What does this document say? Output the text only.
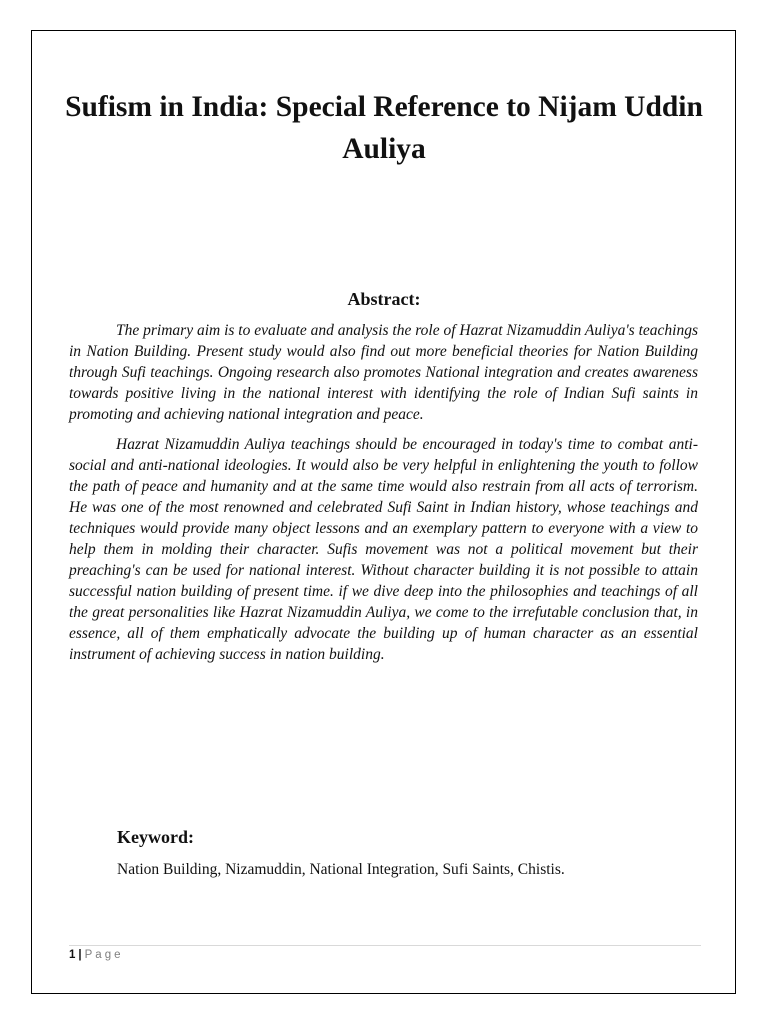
Sufism in India: Special Reference to Nijam Uddin Auliya
Abstract:

The primary aim is to evaluate and analysis the role of Hazrat Nizamuddin Auliya's teachings in Nation Building. Present study would also find out more beneficial theories for Nation Building through Sufi teachings. Ongoing research also promotes National integration and creates awareness towards positive living in the national interest with identifying the role of Indian Sufi saints in promoting and achieving national integration and peace.

Hazrat Nizamuddin Auliya teachings should be encouraged in today's time to combat anti-social and anti-national ideologies. It would also be very helpful in enlightening the youth to follow the path of peace and humanity and at the same time would also restrain from all acts of terrorism. He was one of the most renowned and celebrated Sufi Saint in Indian history, whose teachings and techniques would provide many object lessons and an exemplary pattern to everyone with a view to help them in molding their character. Sufis movement was not a political movement but their preaching's can be used for national interest. Without character building it is not possible to attain successful nation building of present time. if we dive deep into the philosophies and teachings of all the great personalities like Hazrat Nizamuddin Auliya, we come to the irrefutable conclusion that, in essence, all of them emphatically advocate the building up of human character as an essential instrument of achieving success in nation building.

Keyword:

Nation Building, Nizamuddin, National Integration, Sufi Saints, Chistis.

1 | Page
